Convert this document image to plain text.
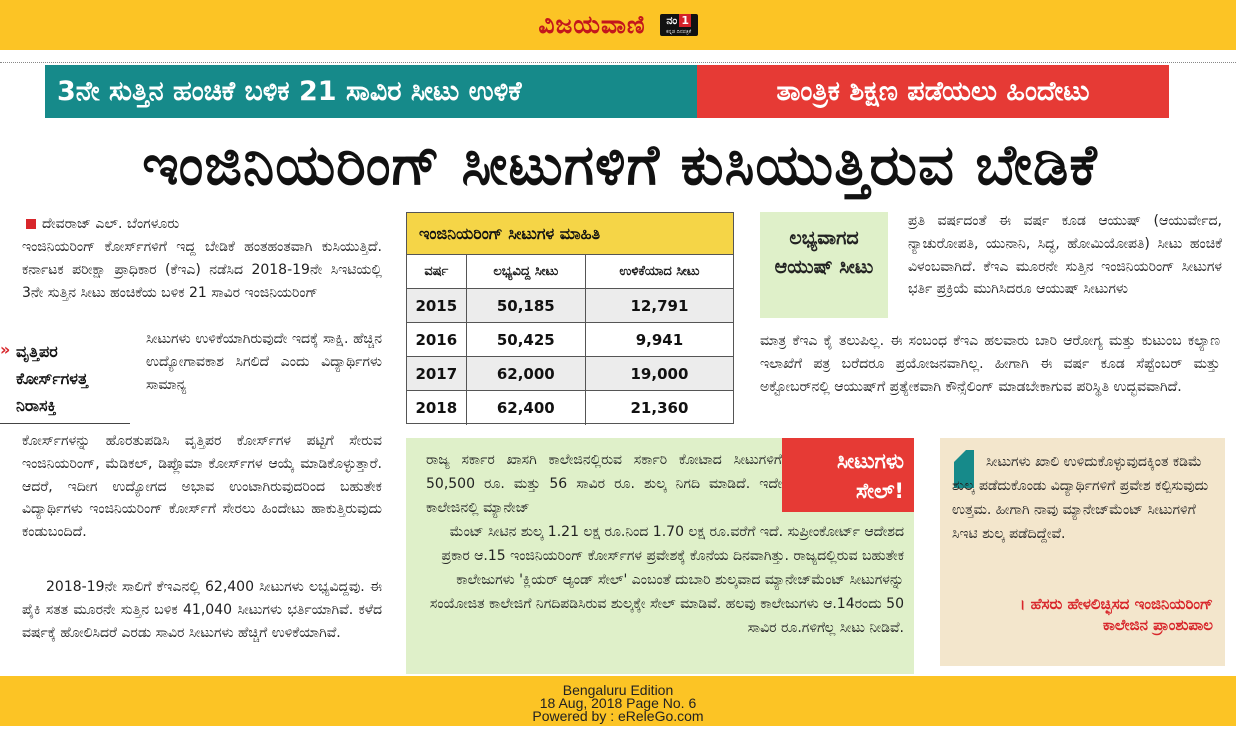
ವಿಜಯವಾಣಿ ನಂ 1
ಕನ್ನಡ ದಿನಪತ್ರಿಕೆ
3ನೇ ಸುತ್ತಿನ ಹಂಚಿಕೆ ಬಳಿಕ 21 ಸಾವಿರ ಸೀಟು ಉಳಿಕೆ	ತಾಂತ್ರಿಕ ಶಿಕ್ಷಣ ಪಡೆಯಲು ಹಿಂದೇಟು
ಇಂಜಿನಿಯರಿಂಗ್ ಸೀಟುಗಳಿಗೆ ಕುಸಿಯುತ್ತಿರುವ ಬೇಡಿಕೆ
ದೇವರಾಜ್ ಎಲ್. ಬೆಂಗಳೂರು
ಇಂಜಿನಿಯರಿಂಗ್ ಕೋರ್ಸ್‌ಗಳಿಗೆ ಇದ್ದ ಬೇಡಿಕೆ ಹಂತಹಂತವಾಗಿ ಕುಸಿಯುತ್ತಿದೆ. ಕರ್ನಾಟಕ ಪರೀಕ್ಷಾ ಪ್ರಾಧಿಕಾರ (ಕೆಇಎ) ನಡೆಸಿದ 2018-19ನೇ ಸಿಇಟಿಯಲ್ಲಿ 3ನೇ ಸುತ್ತಿನ ಸೀಟು ಹಂಚಿಕೆಯ ಬಳಿಕ 21 ಸಾವಿರ ಇಂಜಿನಿಯರಿಂಗ್
» ವೃತ್ತಿಪರ ಕೋರ್ಸ್‌ಗಳತ್ತ ನಿರಾಸಕ್ತಿ
ಸೀಟುಗಳು ಉಳಿಕೆಯಾಗಿರುವುದೇ ಇದಕ್ಕೆ ಸಾಕ್ಷಿ. ಹೆಚ್ಚಿನ ಉದ್ಯೋಗಾವಕಾಶ ಸಿಗಲಿದೆ ಎಂದು ವಿದ್ಯಾರ್ಥಿಗಳು ಸಾಮಾನ್ಯ
ಕೋರ್ಸ್‌ಗಳನ್ನು ಹೊರತುಪಡಿಸಿ ವೃತ್ತಿಪರ ಕೋರ್ಸ್‌ಗಳ ಪಟ್ಟಿಗೆ ಸೇರುವ ಇಂಜಿನಿಯರಿಂಗ್, ಮೆಡಿಕಲ್, ಡಿಪ್ಲೊಮಾ ಕೋರ್ಸ್‌ಗಳ ಆಯ್ಕೆ ಮಾಡಿಕೊಳ್ಳುತ್ತಾರೆ. ಆದರೆ, ಇದೀಗ ಉದ್ಯೋಗದ ಅಭಾವ ಉಂಟಾಗಿರುವುದರಿಂದ ಬಹುತೇಕ ವಿದ್ಯಾರ್ಥಿಗಳು ಇಂಜಿನಿಯರಿಂಗ್ ಕೋರ್ಸ್‌ಗೆ ಸೇರಲು ಹಿಂದೇಟು ಹಾಕುತ್ತಿರುವುದು ಕಂಡುಬಂದಿದೆ.
2018-19ನೇ ಸಾಲಿಗೆ ಕೆಇಎನಲ್ಲಿ 62,400 ಸೀಟುಗಳು ಲಭ್ಯವಿದ್ದವು. ಈ ಪೈಕಿ ಸತತ ಮೂರನೇ ಸುತ್ತಿನ ಬಳಿಕ 41,040 ಸೀಟುಗಳು ಭರ್ತಿಯಾಗಿವೆ. ಕಳೆದ ವರ್ಷಕ್ಕೆ ಹೋಲಿಸಿದರೆ ಎರಡು ಸಾವಿರ ಸೀಟುಗಳು ಹೆಚ್ಚಿಗೆ ಉಳಿಕೆಯಾಗಿವೆ.
ಇಂಜಿನಿಯರಿಂಗ್ ಸೀಟುಗಳ ಮಾಹಿತಿ
ವರ್ಷ	ಲಭ್ಯವಿದ್ದ ಸೀಟು	ಉಳಿಕೆಯಾದ ಸೀಟು
2015	50,185	12,791
2016	50,425	9,941
2017	62,000	19,000
2018	62,400	21,360
ಲಭ್ಯವಾಗದ ಆಯುಷ್ ಸೀಟು
ಪ್ರತಿ ವರ್ಷದಂತೆ ಈ ವರ್ಷ ಕೂಡ ಆಯುಷ್ (ಆಯುರ್ವೇದ, ನ್ಯಾಚುರೋಪತಿ, ಯುನಾನಿ, ಸಿದ್ಧ, ಹೋಮಿಯೋಪತಿ) ಸೀಟು ಹಂಚಿಕೆ ವಿಳಂಬವಾಗಿದೆ. ಕೆಇಎ ಮೂರನೇ ಸುತ್ತಿನ ಇಂಜಿನಿಯರಿಂಗ್ ಸೀಟುಗಳ ಭರ್ತಿ ಪ್ರಕ್ರಿಯೆ ಮುಗಿಸಿದರೂ ಆಯುಷ್ ಸೀಟುಗಳು
ಮಾತ್ರ ಕೆಇಎ ಕೈ ತಲುಪಿಲ್ಲ. ಈ ಸಂಬಂಧ ಕೆಇಎ ಹಲವಾರು ಬಾರಿ ಆರೋಗ್ಯ ಮತ್ತು ಕುಟುಂಬ ಕಲ್ಯಾಣ ಇಲಾಖೆಗೆ ಪತ್ರ ಬರೆದರೂ ಪ್ರಯೋಜನವಾಗಿಲ್ಲ. ಹೀಗಾಗಿ ಈ ವರ್ಷ ಕೂಡ ಸೆಪ್ಟೆಂಬರ್ ಮತ್ತು ಅಕ್ಟೋಬರ್‌ನಲ್ಲಿ ಆಯುಷ್‌ಗೆ ಪ್ರತ್ಯೇಕವಾಗಿ ಕೌನ್ಸೆಲಿಂಗ್ ಮಾಡಬೇಕಾಗುವ ಪರಿಸ್ಥಿತಿ ಉದ್ಭವವಾಗಿದೆ.
ರಾಜ್ಯ ಸರ್ಕಾರ ಖಾಸಗಿ ಕಾಲೇಜಿನಲ್ಲಿರುವ ಸರ್ಕಾರಿ ಕೋಟಾದ ಸೀಟುಗಳಿಗೆ 50,500 ರೂ. ಮತ್ತು 56 ಸಾವಿರ ರೂ. ಶುಲ್ಕ ನಿಗದಿ ಮಾಡಿದೆ. ಇದೇ ಕಾಲೇಜಿನಲ್ಲಿ ಮ್ಯಾನೇಜ್
ಮೆಂಟ್ ಸೀಟಿನ ಶುಲ್ಕ 1.21 ಲಕ್ಷ ರೂ.ನಿಂದ 1.70 ಲಕ್ಷ ರೂ.ವರೆಗೆ ಇದೆ. ಸುಪ್ರೀಂಕೋರ್ಟ್ ಆದೇಶದ ಪ್ರಕಾರ ಆ.15 ಇಂಜಿನಿಯರಿಂಗ್ ಕೋರ್ಸ್‌ಗಳ ಪ್ರವೇಶಕ್ಕೆ ಕೊನೆಯ ದಿನವಾಗಿತ್ತು. ರಾಜ್ಯದಲ್ಲಿರುವ ಬಹುತೇಕ ಕಾಲೇಜುಗಳು 'ಕ್ಲಿಯರ್ ಆ್ಯಂಡ್ ಸೇಲ್' ಎಂಬಂತೆ ದುಬಾರಿ ಶುಲ್ಕವಾದ ಮ್ಯಾನೇಜ್‌ಮೆಂಟ್ ಸೀಟುಗಳನ್ನು ಸಂಯೋಜಿತ ಕಾಲೇಜಿಗೆ ನಿಗದಿಪಡಿಸಿರುವ ಶುಲ್ಕಕ್ಕೇ ಸೇಲ್ ಮಾಡಿವೆ. ಹಲವು ಕಾಲೇಜುಗಳು ಆ.14ರಂದು 50 ಸಾವಿರ ರೂ.ಗಳಿಗೆಲ್ಲ ಸೀಟು ನೀಡಿವೆ.
ಸೀಟುಗಳು ಸೇಲ್!
ಸೀಟುಗಳು ಖಾಲಿ ಉಳಿದುಕೊಳ್ಳುವುದಕ್ಕಿಂತ ಕಡಿಮೆ
ಶುಲ್ಕ ಪಡೆದುಕೊಂಡು ವಿದ್ಯಾರ್ಥಿಗಳಿಗೆ ಪ್ರವೇಶ ಕಲ್ಪಿಸುವುದು ಉತ್ತಮ. ಹೀಗಾಗಿ ನಾವು ಮ್ಯಾನೇಜ್‌ಮೆಂಟ್ ಸೀಟುಗಳಿಗೆ ಸಿಇಟಿ ಶುಲ್ಕ ಪಡೆದಿದ್ದೇವೆ.
। ಹೆಸರು ಹೇಳಲಿಚ್ಛಿಸದ ಇಂಜಿನಿಯರಿಂಗ್ ಕಾಲೇಜಿನ ಪ್ರಾಂಶುಪಾಲ
Bengaluru Edition
18 Aug, 2018 Page No. 6
Powered by : eReleGo.com
